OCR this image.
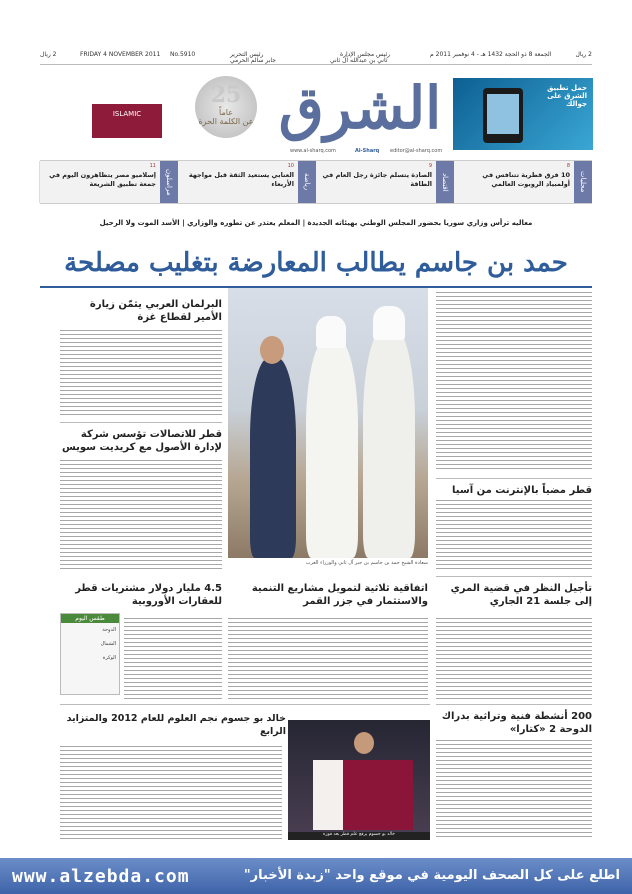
2 ريال	FRIDAY 4 NOVEMBER 2011 No.5910	رئيس التحرير
جابر سالم الحرمي
رئيس مجلس الإدارة
ثاني بن عبدالله آل ثاني
الجمعة 8 ذو الحجة 1432 هـ - 4 نوفمبر 2011 م	2 ريال
ISLAMIC
25
عاماً
عن الكلمة الحرة الشرق	حمل تطبيق الشرق على جوالك
www.al-sharq.com	Al-Sharq editor@al-sharq.com
محليات
8
10 فرق قطرية تتنافس في أولمبياد الروبوت العالمي
اقتصاد
9
الصادة يتسلم جائزة رجل العام في الطاقة
رياضة
10
العنابي يستعيد الثقة قبل مواجهة الأربعاء
مراسلون
11
إسلاميو مصر يتظاهرون اليوم في جمعة تطبيق الشريعة
معاليه ترأس وزاري سوريا بحضور المجلس الوطني بهيئاته الجديدة | المعلم يعتذر عن تطوره والوزاري | الأسد الموت ولا الرحيل
حمد بن جاسم يطالب المعارضة بتغليب مصلحة
البرلمان العربي يثمّن زيارة الأمير لقطاع غزة
قطر للاتصالات تؤسس شركة لإدارة الأصول مع كريديت سويس
سعادة الشيخ حمد بن جاسم بن جبر آل ثاني والوزراء العرب
قطر مضياً بالإنترنت من آسيا
تأجيل النظر في قضية المري إلى جلسة 21 الجاري
اتفاقية ثلاثية لتمويل مشاريع التنمية والاستثمار في جزر القمر
4.5 مليار دولار مشتريات قطر للعقارات الأوروبية
طقس اليوم
الدوحة
الشمال
الوكرة
200 أنشطة فنية وتراثية بدراك الدوحة 2 «كتارا»
خالد بو جسوم نجم العلوم للعام 2012 والمتزايد الرابع
خالد بو جسوم يرفع علم قطر بعد فوزه
www.alzebda.com	اطلع على كل الصحف اليومية في موقع واحد "زبدة الأخبار"
